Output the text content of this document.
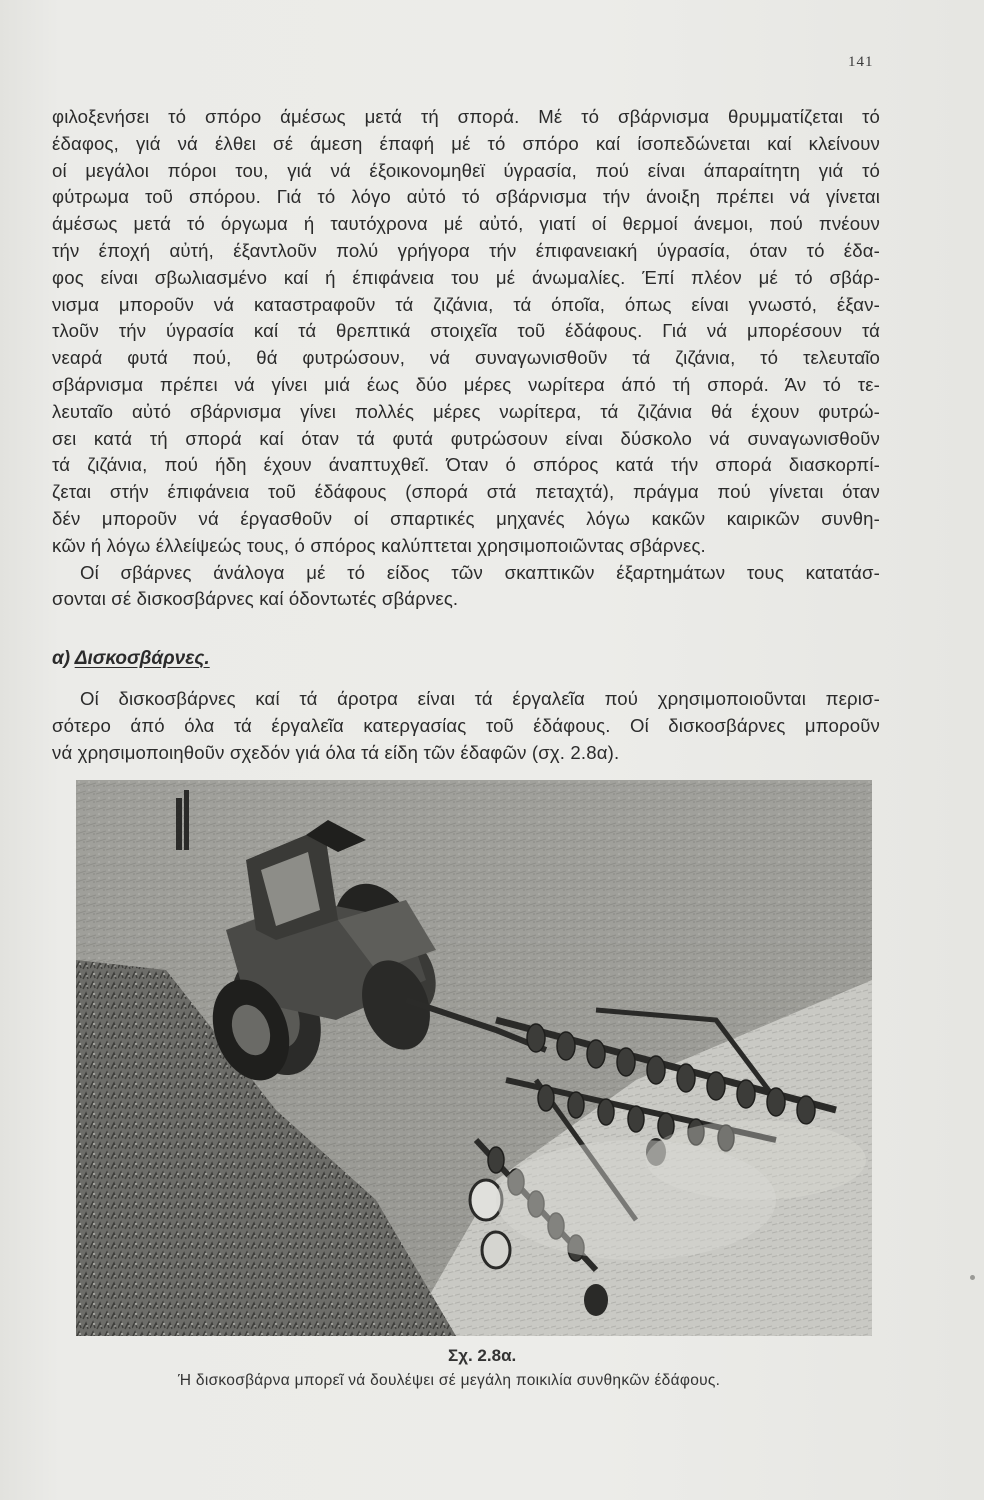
141
φιλοξενήσει τό σπόρο άμέσως μετά τή σπορά. Μέ τό σβάρνισμα θρυμματίζεται τό
έδαφος, γιά νά έλθει σέ άμεση έπαφή μέ τό σπόρο καί ίσοπεδώνεται καί κλείνουν
οί μεγάλοι πόροι του, γιά νά έξοικονομηθεϊ ύγρασία, πού είναι άπαραίτητη γιά τό
φύτρωμα τοῦ σπόρου. Γιά τό λόγο αὐτό τό σβάρνισμα τήν άνοιξη πρέπει νά γίνεται
άμέσως μετά τό όργωμα ή ταυτόχρονα μέ αὐτό, γιατί οί θερμοί άνεμοι, πού πνέουν
τήν έποχή αὐτή, έξαντλοῦν πολύ γρήγορα τήν έπιφανειακή ύγρασία, όταν τό έδα-
φος είναι σβωλιασμένο καί ή έπιφάνεια του μέ άνωμαλίες. Έπί πλέον μέ τό σβάρ-
νισμα μποροῦν νά καταστραφοῦν τά ζιζάνια, τά όποῖα, όπως είναι γνωστό, έξαν-
τλοῦν τήν ύγρασία καί τά θρεπτικά στοιχεῖα τοῦ έδάφους. Γιά νά μπορέσουν τά
νεαρά φυτά πού, θά φυτρώσουν, νά συναγωνισθοῦν τά ζιζάνια, τό τελευταῖο
σβάρνισμα πρέπει νά γίνει μιά έως δύο μέρες νωρίτερα άπό τή σπορά. Άν τό τε-
λευταῖο αὐτό σβάρνισμα γίνει πολλές μέρες νωρίτερα, τά ζιζάνια θά έχουν φυτρώ-
σει κατά τή σπορά καί όταν τά φυτά φυτρώσουν είναι δύσκολο νά συναγωνισθοῦν
τά ζιζάνια, πού ήδη έχουν άναπτυχθεῖ. Όταν ό σπόρος κατά τήν σπορά διασκορπί-
ζεται στήν έπιφάνεια τοῦ έδάφους (σπορά στά πεταχτά), πράγμα πού γίνεται όταν
δέν μποροῦν νά έργασθοῦν οί σπαρτικές μηχανές λόγω κακῶν καιρικῶν συνθη-
κῶν ή λόγω έλλείψεώς τους, ό σπόρος καλύπτεται χρησιμοποιῶντας σβάρνες.
Οί σβάρνες άνάλογα μέ τό είδος τῶν σκαπτικῶν έξαρτημάτων τους κατατάσ-
σονται σέ δισκοσβάρνες καί όδοντωτές σβάρνες.
α) Δισκοσβάρνες.
Οί δισκοσβάρνες καί τά άροτρα είναι τά έργαλεῖα πού χρησιμοποιοῦνται περισ-
σότερο άπό όλα τά έργαλεῖα κατεργασίας τοῦ έδάφους. Οί δισκοσβάρνες μποροῦν
νά χρησιμοποιηθοῦν σχεδόν γιά όλα τά είδη τῶν έδαφῶν (σχ. 2.8α).
Σχ. 2.8α.
Ή δισκοσβάρνα μπορεῖ νά δουλέψει σέ μεγάλη ποικιλία συνθηκῶν έδάφους.
